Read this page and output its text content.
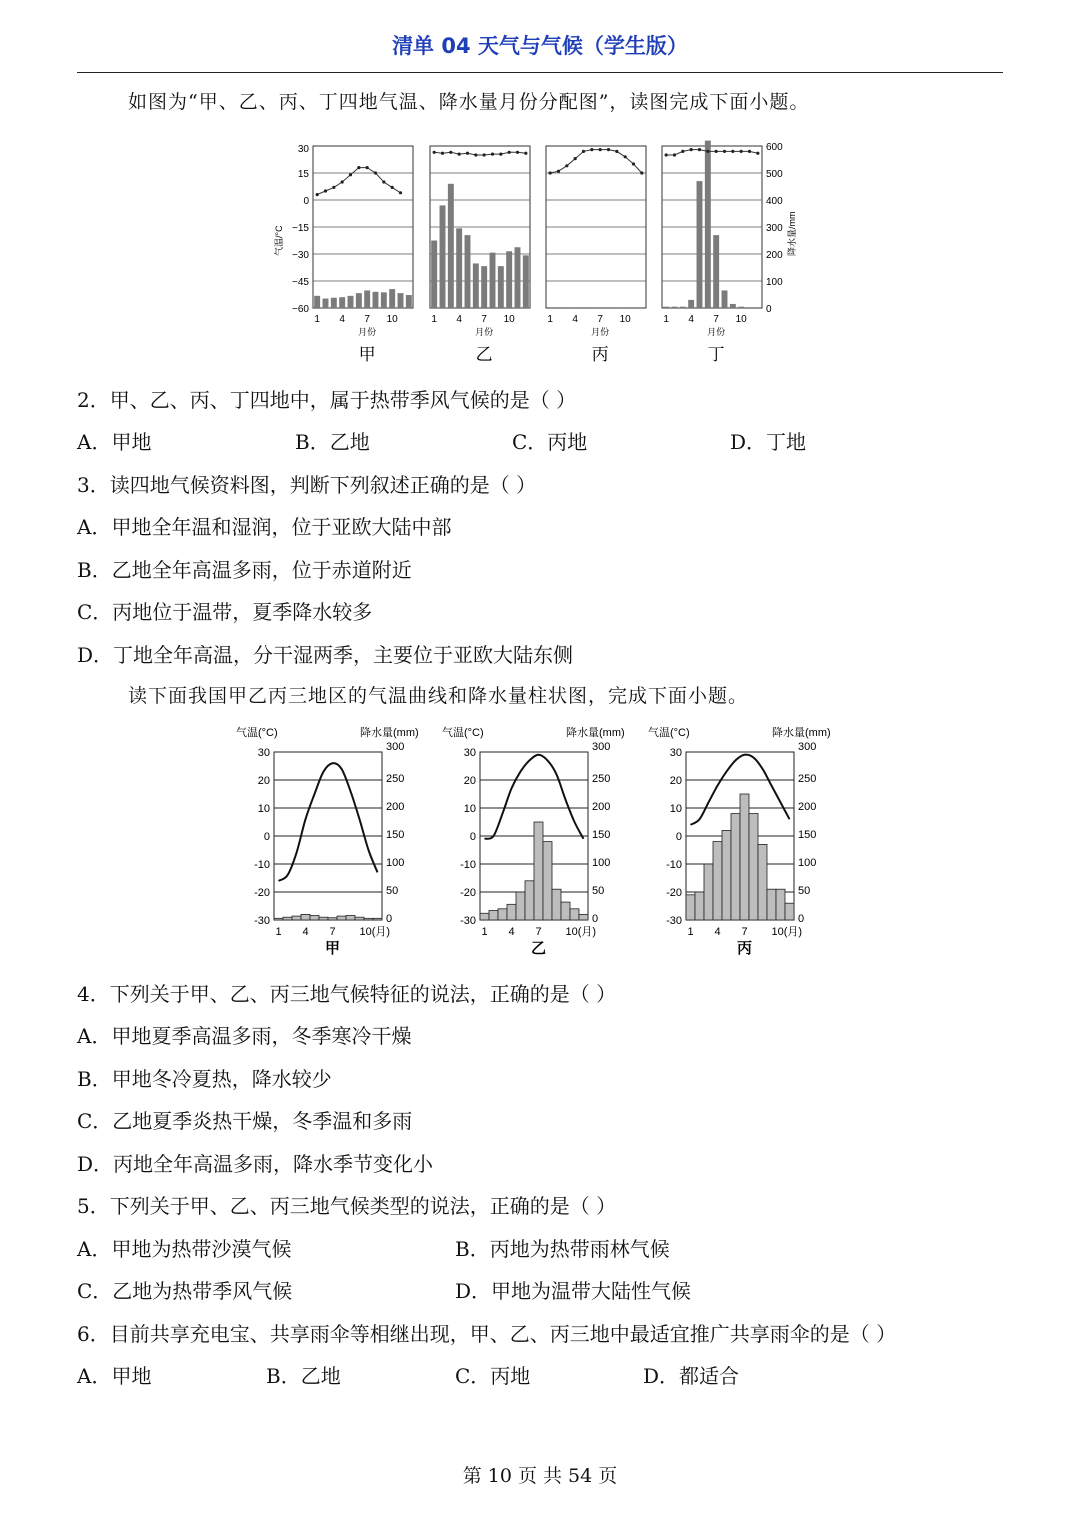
清单 04 天气与气候（学生版）
如图为“甲、乙、丙、丁四地气温、降水量月份分配图”，读图完成下面小题。
1 4 7 10
月份
甲
1 4 7 10
月份
乙
1 4 7 10
月份
丙
1 4 7 10
月份
丁
30
15
0
−15
−30
−45
−60
气温/°C
600
500
400
300
200
100
0
降水量/mm
2．甲、乙、丙、丁四地中，属于热带季风气候的是（ ）
A．甲地	B．乙地	C．丙地	D．丁地
3．读四地气候资料图，判断下列叙述正确的是（ ）
A．甲地全年温和湿润，位于亚欧大陆中部
B．乙地全年高温多雨，位于赤道附近
C．丙地位于温带，夏季降水较多
D．丁地全年高温，分干湿两季，主要位于亚欧大陆东侧
读下面我国甲乙丙三地区的气温曲线和降水量柱状图，完成下面小题。
气温(°C)	降水量(mm)
30	300
20	250
10	200
0	150
-10	100
-20	50
-30	0
1 4 7 10(月)
甲
气温(°C)	降水量(mm)
30	300
20	250
10	200
0	150
-10	100
-20	50
-30	0
1 4 7 10(月)
乙
气温(°C)	降水量(mm)
30	300
20	250
10	200
0	150
-10	100
-20	50
-30	0
1 4 7 10(月)
丙
4．下列关于甲、乙、丙三地气候特征的说法，正确的是（ ）
A．甲地夏季高温多雨，冬季寒冷干燥
B．甲地冬冷夏热，降水较少
C．乙地夏季炎热干燥，冬季温和多雨
D．丙地全年高温多雨，降水季节变化小
5．下列关于甲、乙、丙三地气候类型的说法，正确的是（ ）
A．甲地为热带沙漠气候	B．丙地为热带雨林气候
C．乙地为热带季风气候	D．甲地为温带大陆性气候
6．目前共享充电宝、共享雨伞等相继出现，甲、乙、丙三地中最适宜推广共享雨伞的是（ ）
A．甲地	B．乙地	C．丙地	D．都适合
第 10 页 共 54 页
